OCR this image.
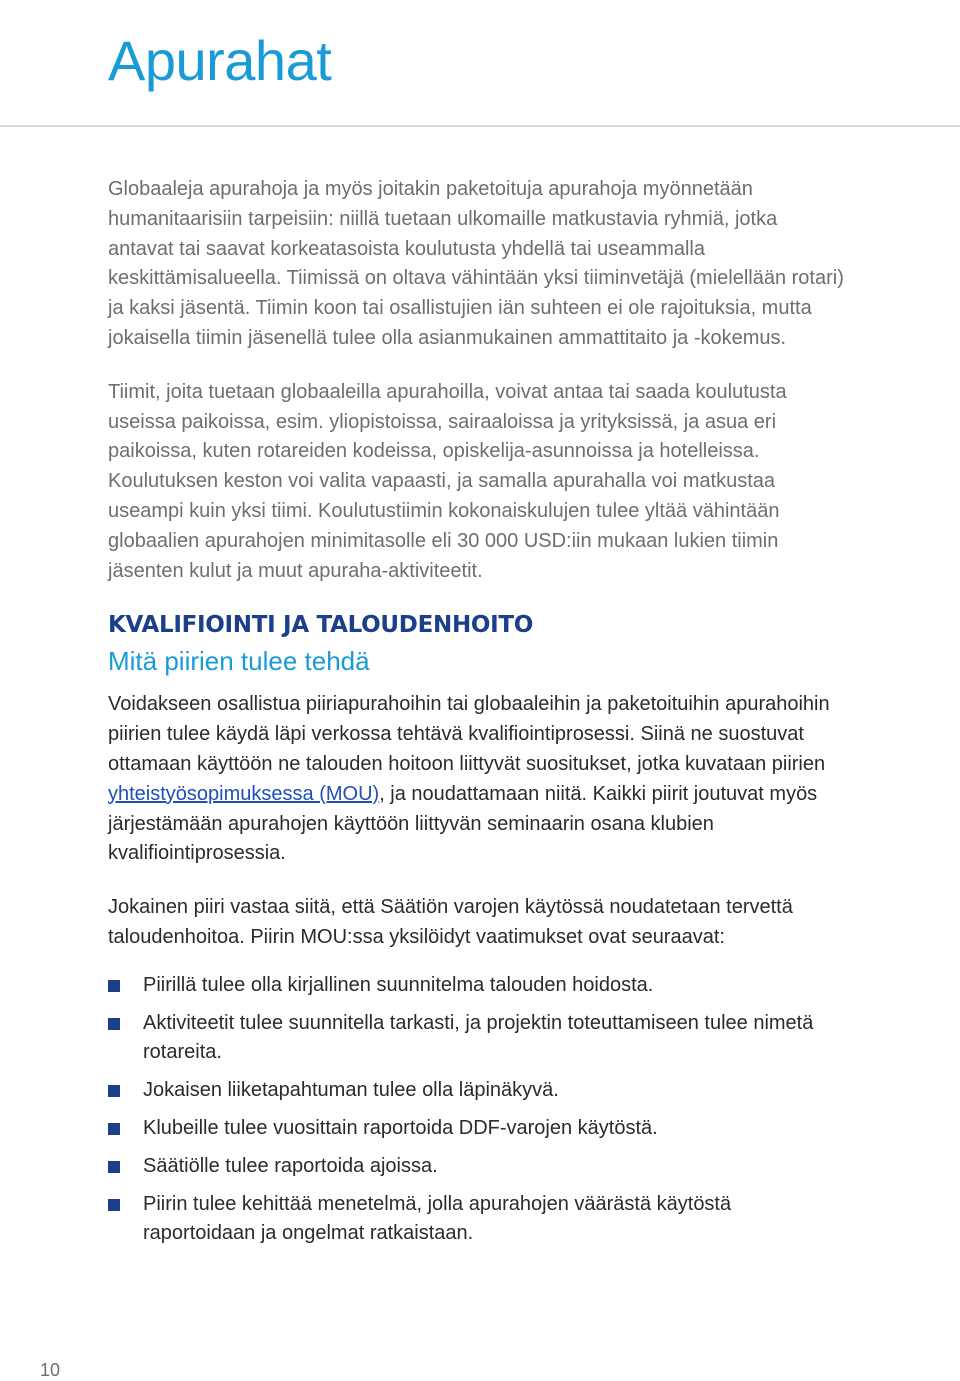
Apurahat

Globaaleja apurahoja ja myös joitakin paketoituja apurahoja myönnetään humanitaarisiin tarpeisiin: niillä tuetaan ulkomaille matkustavia ryhmiä, jotka antavat tai saavat korkeatasoista koulutusta yhdellä tai useammalla keskittämisalueella. Tiimissä on oltava vähintään yksi tiiminvetäjä (mielellään rotari) ja kaksi jäsentä. Tiimin koon tai osallistujien iän suhteen ei ole rajoituksia, mutta jokaisella tiimin jäsenellä tulee olla asianmukainen ammattitaito ja -kokemus.

Tiimit, joita tuetaan globaaleilla apurahoilla, voivat antaa tai saada koulutusta useissa paikoissa, esim. yliopistoissa, sairaaloissa ja yrityksissä, ja asua eri paikoissa, kuten rotareiden kodeissa, opiskelija-asunnoissa ja hotelleissa. Koulutuksen keston voi valita vapaasti, ja samalla apurahalla voi matkustaa useampi kuin yksi tiimi. Koulutustiimin kokonaiskulujen tulee yltää vähintään globaalien apurahojen minimitasolle eli 30 000 USD:iin mukaan lukien tiimin jäsenten kulut ja muut apuraha-aktiviteetit.

KVALIFIOINTI JA TALOUDENHOITO
Mitä piirien tulee tehdä

Voidakseen osallistua piiriapurahoihin tai globaaleihin ja paketoituihin apurahoihin piirien tulee käydä läpi verkossa tehtävä kvalifiointiprosessi. Siinä ne suostuvat ottamaan käyttöön ne talouden hoitoon liittyvät suositukset, jotka kuvataan piirien yhteistyösopimuksessa (MOU), ja noudattamaan niitä. Kaikki piirit joutuvat myös järjestämään apurahojen käyttöön liittyvän seminaarin osana klubien kvalifiointiprosessia.

Jokainen piiri vastaa siitä, että Säätiön varojen käytössä noudatetaan tervettä taloudenhoitoa. Piirin MOU:ssa yksilöidyt vaatimukset ovat seuraavat:

Piirillä tulee olla kirjallinen suunnitelma talouden hoidosta.
Aktiviteetit tulee suunnitella tarkasti, ja projektin toteuttamiseen tulee nimetä rotareita.
Jokaisen liiketapahtuman tulee olla läpinäkyvä.
Klubeille tulee vuosittain raportoida DDF-varojen käytöstä.
Säätiölle tulee raportoida ajoissa.
Piirin tulee kehittää menetelmä, jolla apurahojen väärästä käytöstä raportoidaan ja ongelmat ratkaistaan.
10
